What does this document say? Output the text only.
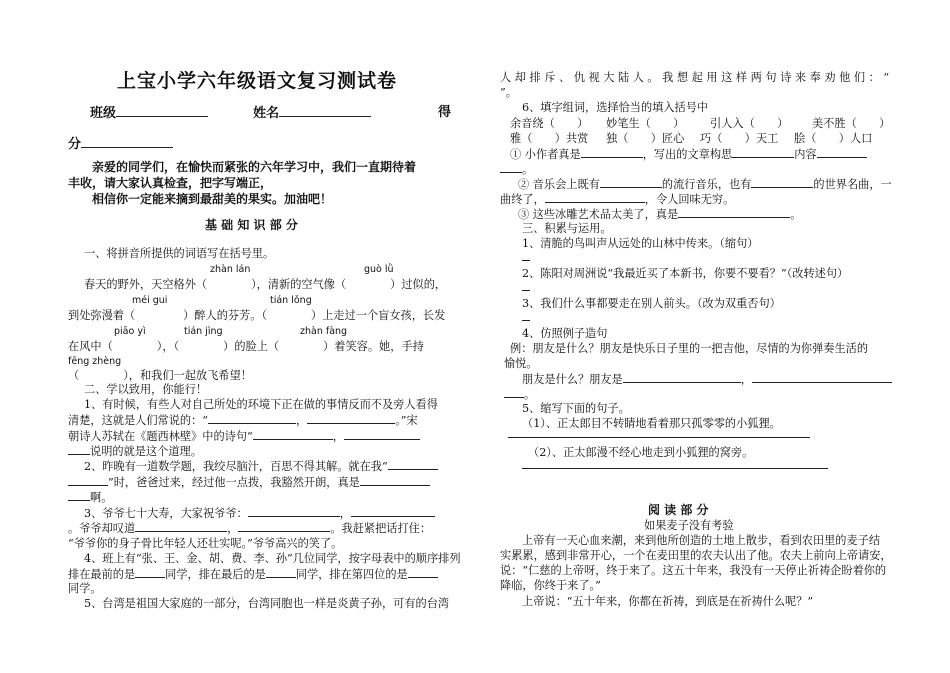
上宝小学六年级语文复习测试卷
班级	姓名	得
分
亲爱的同学们，在愉快而紧张的六年学习中，我们一直期待着
丰收，请大家认真检查，把字写端正，
相信你一定能来摘到最甜美的果实。加油吧！
基 础 知 识 部 分
一、将拼音所提供的词语写在括号里。
zhàn lán	guò lǜ
春天的野外，天空格外（	），清新的空气像（	）过似的，
méi gui	tián lǒng
到处弥漫着（	）醉人的芬芳。（	）上走过一个盲女孩，长发
piāo yì	tián jìng	zhàn fàng
在风中（	），（	）的脸上（	）着笑容。她，手持
fēng zhèng
（	），和我们一起放飞希望！
二、学以致用，你能行！
1、有时候，有些人对自己所处的环境下正在做的事情反而不及旁人看得
清楚，这就是人们常说的：“	，	。”宋
朝诗人苏轼在《题西林壁》中的诗句“	，
说明的就是这个道理。
2、昨晚有一道数学题，我绞尽脑汁，百思不得其解。就在我“
”时，爸爸过来，经过他一点拨，我豁然开朗，真是
啊。
3、爷爷七十大寿，大家祝爷爷：	，
。爷爷却叹道	，	。我赶紧把话打住：
“爷爷你的身子骨比年轻人还壮实呢。”爷爷高兴的笑了。
4、班上有“张、王、金、胡、费、李、孙”几位同学，按字母表中的顺序排列
排在最前的是	同学，排在最后的是	同学，排在第四位的是
同学。
5、台湾是祖国大家庭的一部分，台湾同胞也一样是炎黄子孙，可有的台湾
人 却 排 斥 、 仇 视 大 陆 人 。 我 想 起 用 这 样 两 句 诗 来 奉 劝 他 们 ： “
”。
6、填字组词，选择恰当的填入括号中
余音绕（　　） 妙笔生（　　） 引人入（　　） 美不胜（　　）
雅（　　）共赏 独（　　）匠心 巧（　　）天工 脍（　　）人口
① 小作者真是	，写出的文章构思	内容
。
② 音乐会上既有	的流行音乐，也有	的世界名曲，一
曲终了，	，令人回味无穷。
③ 这些冰雕艺术品太美了，真是	。
三、积累与运用。
1、清脆的鸟叫声从远处的山林中传来。（缩句）
2、陈阳对周洲说“我最近买了本新书，你要不要看？”（改转述句）
3、我们什么事都要走在别人前头。（改为双重否句）
4、仿照例子造句
例：朋友是什么？朋友是快乐日子里的一把吉他，尽情的为你弹奏生活的
愉悦。
朋友是什么？朋友是	，
。
5、缩写下面的句子。
（1）、正太郎目不转睛地看着那只孤零零的小狐狸。
（2）、正太郎漫不经心地走到小狐狸的窝旁。
阅 读 部 分
如果麦子没有考验
上帝有一天心血来潮，来到他所创造的土地上散步，看到农田里的麦子结
实累累，感到非常开心，一个在麦田里的农夫认出了他。农夫上前向上帝请安，
说：“仁慈的上帝呀，终于来了。这五十年来，我没有一天停止祈祷企盼着你的
降临，你终于来了。”
上帝说：“五十年来，你都在祈祷，到底是在祈祷什么呢？”
